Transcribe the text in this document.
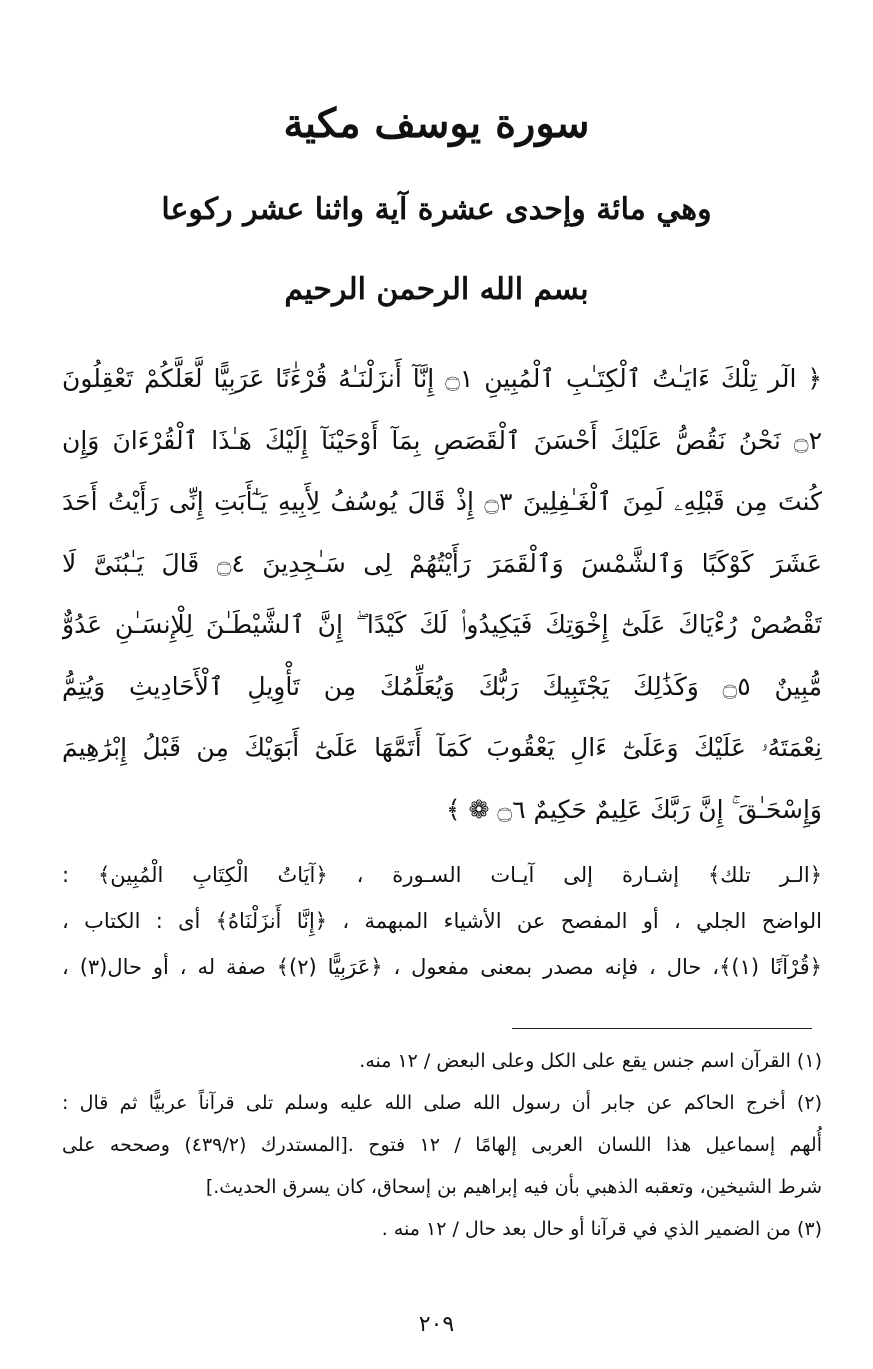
سورة يوسف مكية
وهي مائة وإحدى عشرة آية واثنا عشر ركوعا
بسم الله الرحمن الرحيم
﴿ الٓر تِلْكَ ءَايَـٰتُ ٱلْكِتَـٰبِ ٱلْمُبِينِ ۝١ إِنَّآ أَنزَلْنَـٰهُ قُرْءَٰنًا عَرَبِيًّا لَّعَلَّكُمْ تَعْقِلُونَ
۝٢ نَحْنُ نَقُصُّ عَلَيْكَ أَحْسَنَ ٱلْقَصَصِ بِمَآ أَوْحَيْنَآ إِلَيْكَ هَـٰذَا ٱلْقُرْءَانَ وَإِن
كُنتَ مِن قَبْلِهِۦ لَمِنَ ٱلْغَـٰفِلِينَ ۝٣ إِذْ قَالَ يُوسُفُ لِأَبِيهِ يَـٰٓأَبَتِ إِنِّى رَأَيْتُ أَحَدَ
عَشَرَ كَوْكَبًا وَٱلشَّمْسَ وَٱلْقَمَرَ رَأَيْتُهُمْ لِى سَـٰجِدِينَ ۝٤ قَالَ يَـٰبُنَىَّ لَا
تَقْصُصْ رُءْيَاكَ عَلَىٰٓ إِخْوَتِكَ فَيَكِيدُوا۟ لَكَ كَيْدًا ۖ إِنَّ ٱلشَّيْطَـٰنَ لِلْإِنسَـٰنِ عَدُوٌّ
مُّبِينٌ ۝٥ وَكَذَٰلِكَ يَجْتَبِيكَ رَبُّكَ وَيُعَلِّمُكَ مِن تَأْوِيلِ ٱلْأَحَادِيثِ وَيُتِمُّ
نِعْمَتَهُۥ عَلَيْكَ وَعَلَىٰٓ ءَالِ يَعْقُوبَ كَمَآ أَتَمَّهَا عَلَىٰٓ أَبَوَيْكَ مِن قَبْلُ إِبْرَٰهِيمَ
وَإِسْحَـٰقَ ۚ إِنَّ رَبَّكَ عَلِيمٌ حَكِيمٌ ۝٦ ❁ ﴾
﴿الـر تلك﴾ إشـارة إلى آيـات السـورة ، ﴿آيَاتُ الْكِتَابِ الْمُبِين﴾ :
الواضح الجلي ، أو المفصح عن الأشياء المبهمة ، ﴿إِنَّا أَنزَلْنَاهُ﴾ أى : الكتاب ،
﴿قُرْآنًا (١)﴾، حال ، فإنه مصدر بمعنى مفعول ، ﴿عَرَبِيًّا (٢)﴾ صفة له ، أو حال(٣) ،
(١) القرآن اسم جنس يقع على الكل وعلى البعض / ١٢ منه.
(٢) أخرج الحاكم عن جابر أن رسول الله صلى الله عليه وسلم تلى قرآناً عربيًّا ثم قال :
أُلهم إسماعيل هذا اللسان العربى إلهامًا / ١٢ فتوح .[المستدرك (٤٣٩/٢) وصححه على
شرط الشيخين، وتعقبه الذهبي بأن فيه إبراهيم بن إسحاق، كان يسرق الحديث.]
(٣) من الضمير الذي في قرآنا أو حال بعد حال / ١٢ منه .
٢٠٩
